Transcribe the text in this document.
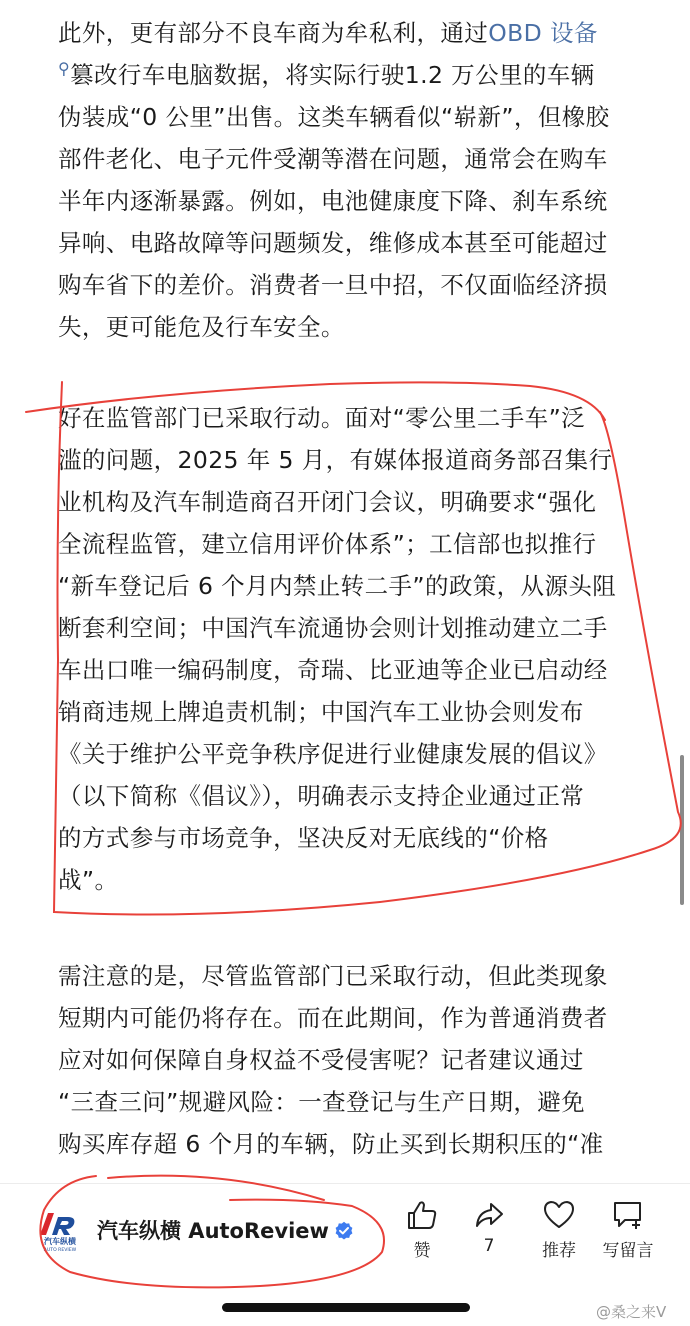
此外，更有部分不良车商为牟私利，通过OBD 设备
⚲篡改行车电脑数据，将实际行驶1.2 万公里的车辆
伪装成“0 公里”出售。这类车辆看似“崭新”，但橡胶
部件老化、电子元件受潮等潜在问题，通常会在购车
半年内逐渐暴露。例如，电池健康度下降、刹车系统
异响、电路故障等问题频发，维修成本甚至可能超过
购车省下的差价。消费者一旦中招，不仅面临经济损
失，更可能危及行车安全。
好在监管部门已采取行动。面对“零公里二手车”泛
滥的问题，2025 年 5 月，有媒体报道商务部召集行
业机构及汽车制造商召开闭门会议，明确要求“强化
全流程监管，建立信用评价体系”；工信部也拟推行
“新车登记后 6 个月内禁止转二手”的政策，从源头阻
断套利空间；中国汽车流通协会则计划推动建立二手
车出口唯一编码制度，奇瑞、比亚迪等企业已启动经
销商违规上牌追责机制；中国汽车工业协会则发布
《关于维护公平竞争秩序促进行业健康发展的倡议》
（以下简称《倡议》），明确表示支持企业通过正常
的方式参与市场竞争，坚决反对无底线的“价格
战”。
需注意的是，尽管监管部门已采取行动，但此类现象
短期内可能仍将存在。而在此期间，作为普通消费者
应对如何保障自身权益不受侵害呢？记者建议通过
“三查三问”规避风险：一查登记与生产日期，避免
购买库存超 6 个月的车辆，防止买到长期积压的“准
汽车纵横
AUTO REVIEW
汽车纵横 AutoReview
赞	7	推荐	写留言
@桑之来V
